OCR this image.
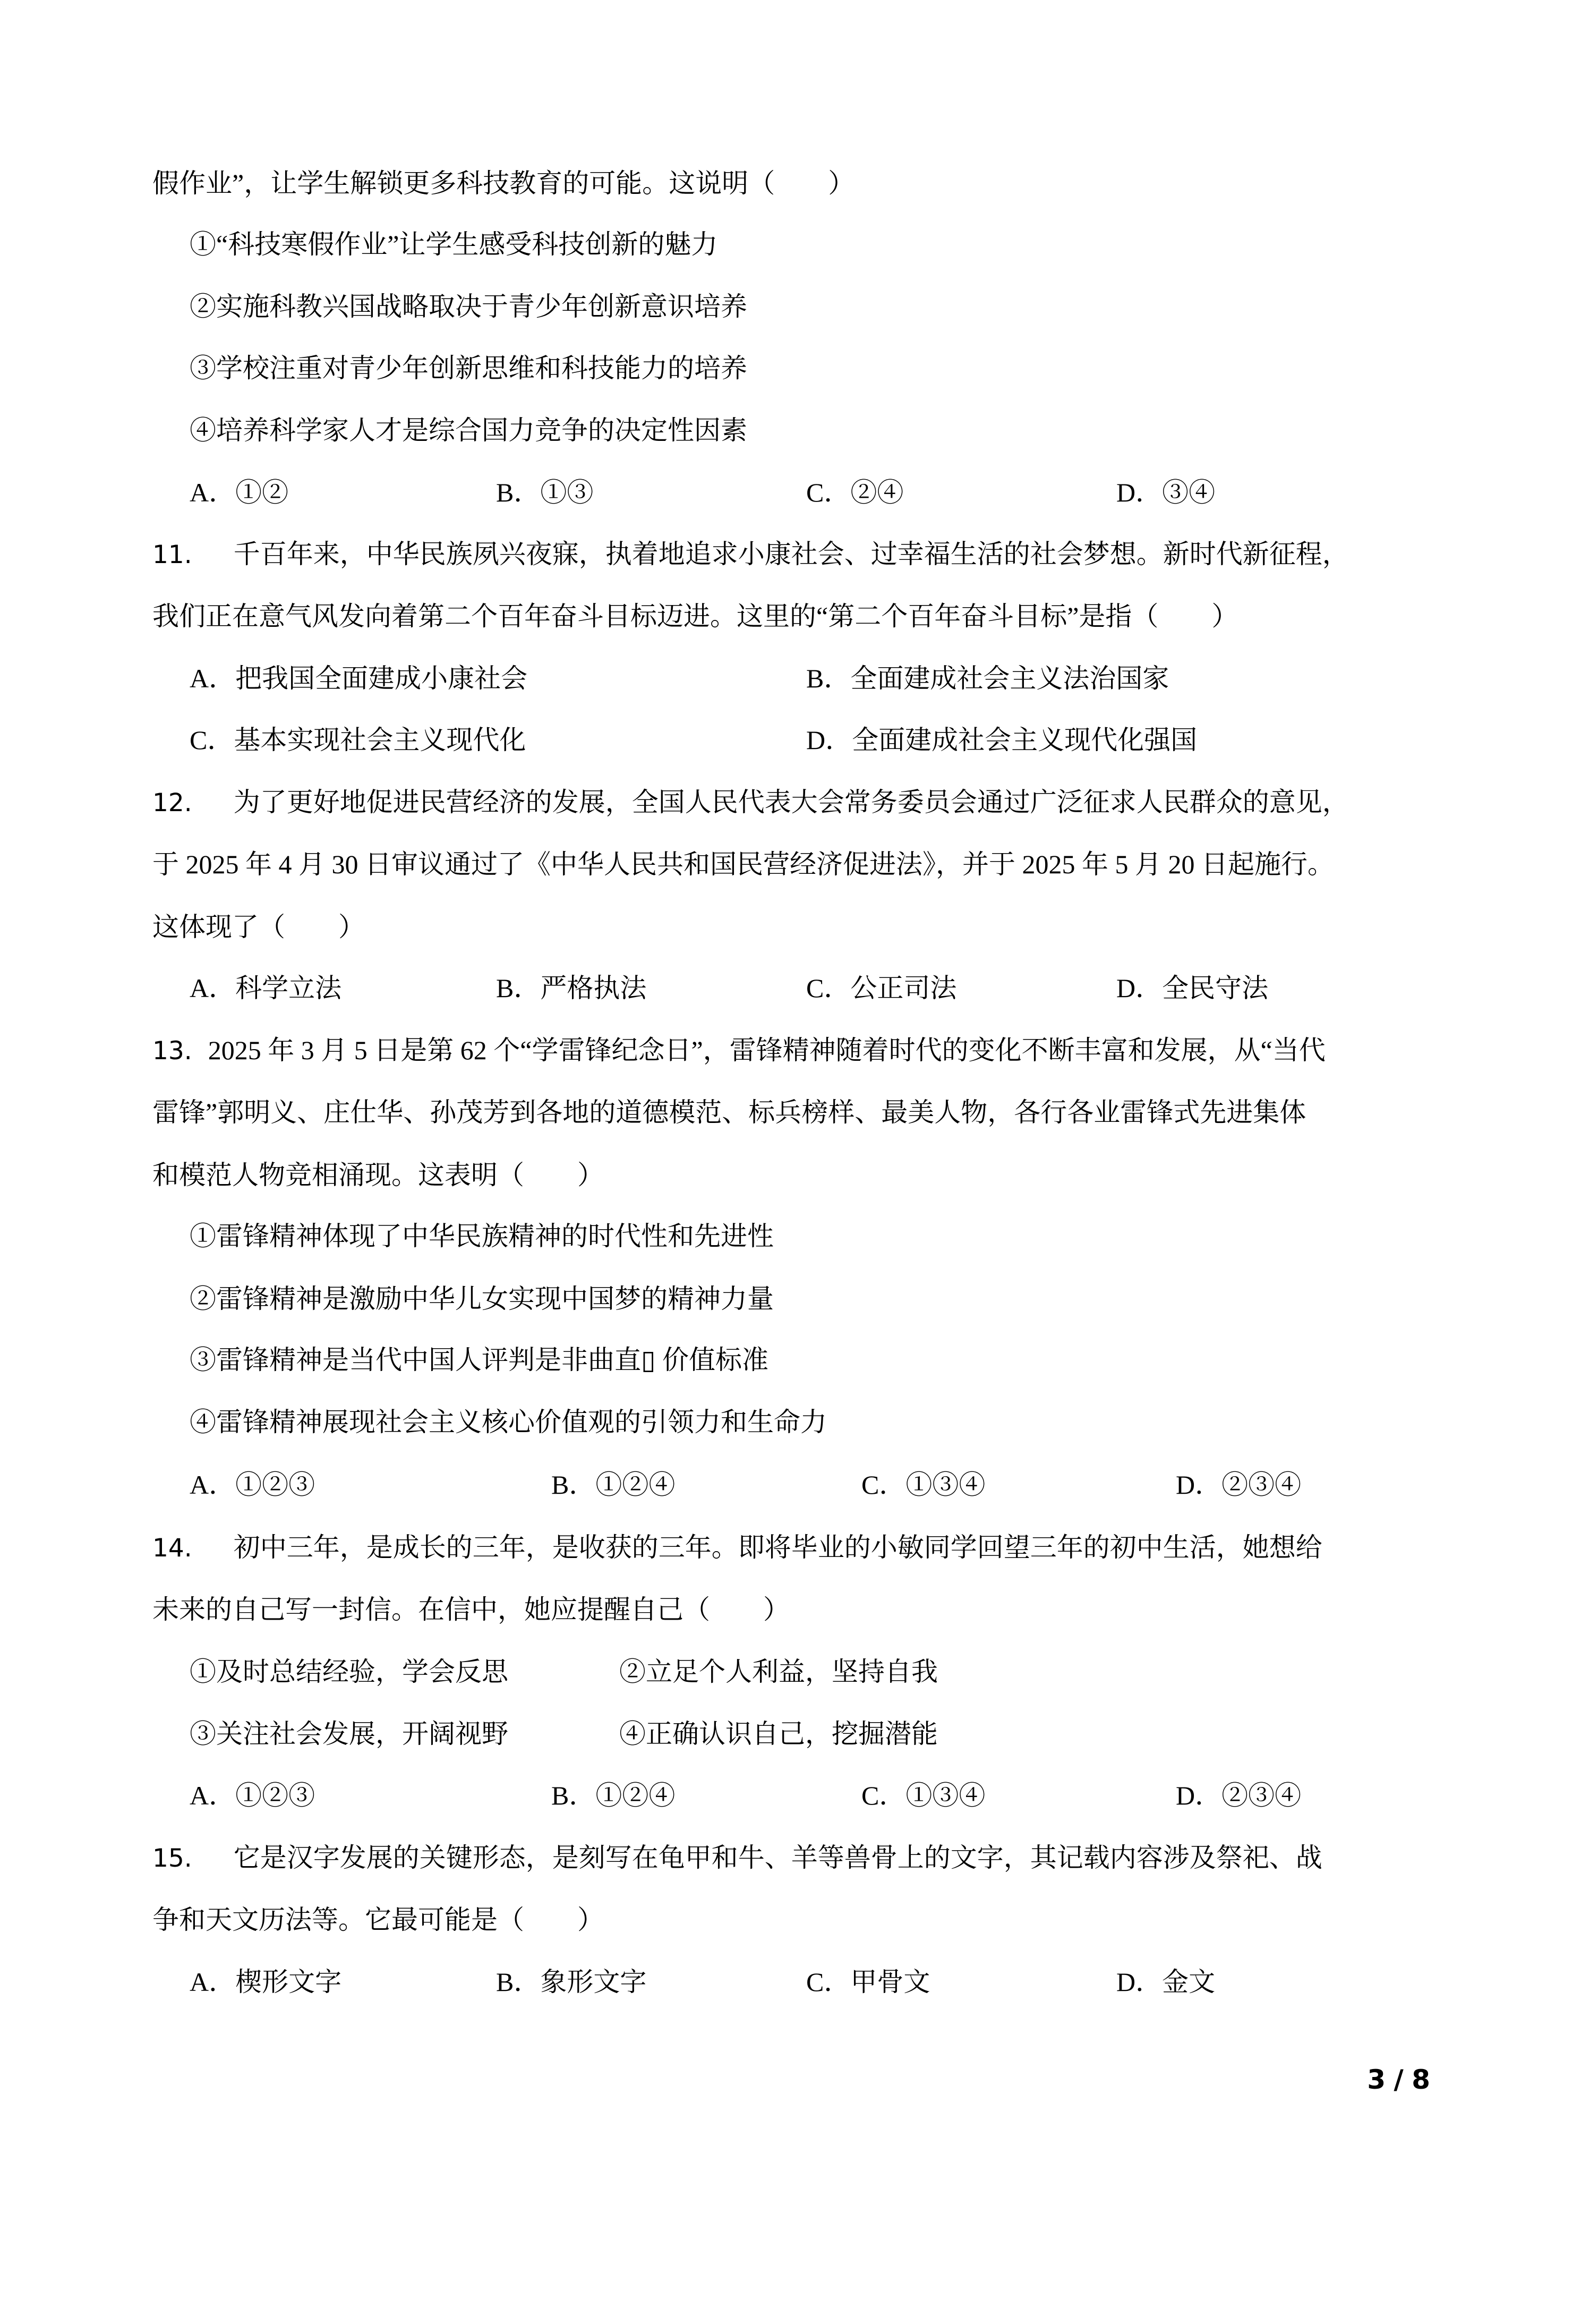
假作业”，让学生解锁更多科技教育的可能。这说明（　　）
①“科技寒假作业”让学生感受科技创新的魅力
②实施科教兴国战略取决于青少年创新意识培养
③学校注重对青少年创新思维和科技能力的培养
④培养科学家人才是综合国力竞争的决定性因素

A．①②

	B．①③

	C．②④

	D．③④

11. 千百年来，中华民族夙兴夜寐，执着地追求小康社会、过幸福生活的社会梦想。新时代新征程，
我们正在意气风发向着第二个百年奋斗目标迈进。这里的“第二个百年奋斗目标”是指（　　）

A．把我国全面建成小康社会

	B．全面建成社会主义法治国家

C．基本实现社会主义现代化

	D．全面建成社会主义现代化强国

12. 为了更好地促进民营经济的发展，全国人民代表大会常务委员会通过广泛征求人民群众的意见，
于 2025 年 4 月 30 日审议通过了《中华人民共和国民营经济促进法》，并于 2025 年 5 月 20 日起施行。
这体现了（　　）

A．科学立法

	B．严格执法

	C．公正司法

	D．全民守法

13. 2025 年 3 月 5 日是第 62 个“学雷锋纪念日”，雷锋精神随着时代的变化不断丰富和发展，从“当代
雷锋”郭明义、庄仕华、孙茂芳到各地的道德模范、标兵榜样、最美人物，各行各业雷锋式先进集体
和模范人物竞相涌现。这表明（　　）
①雷锋精神体现了中华民族精神的时代性和先进性
②雷锋精神是激励中华儿女实现中国梦的精神力量
③雷锋精神是当代中国人评判是非曲直▯ 价值标准
④雷锋精神展现社会主义核心价值观的引领力和生命力

A．①②③

	B．①②④

	C．①③④

	D．②③④

14. 初中三年，是成长的三年，是收获的三年。即将毕业的小敏同学回望三年的初中生活，她想给
未来的自己写一封信。在信中，她应提醒自己（　　）

①及时总结经验，学会反思

	②立足个人利益，坚持自我

③关注社会发展，开阔视野

	④正确认识自己，挖掘潜能

A．①②③

	B．①②④

	C．①③④

	D．②③④

15. 它是汉字发展的关键形态，是刻写在龟甲和牛、羊等兽骨上的文字，其记载内容涉及祭祀、战
争和天文历法等。它最可能是（　　）

A．楔形文字

	B．象形文字

	C．甲骨文

	D．金文

3 / 8
